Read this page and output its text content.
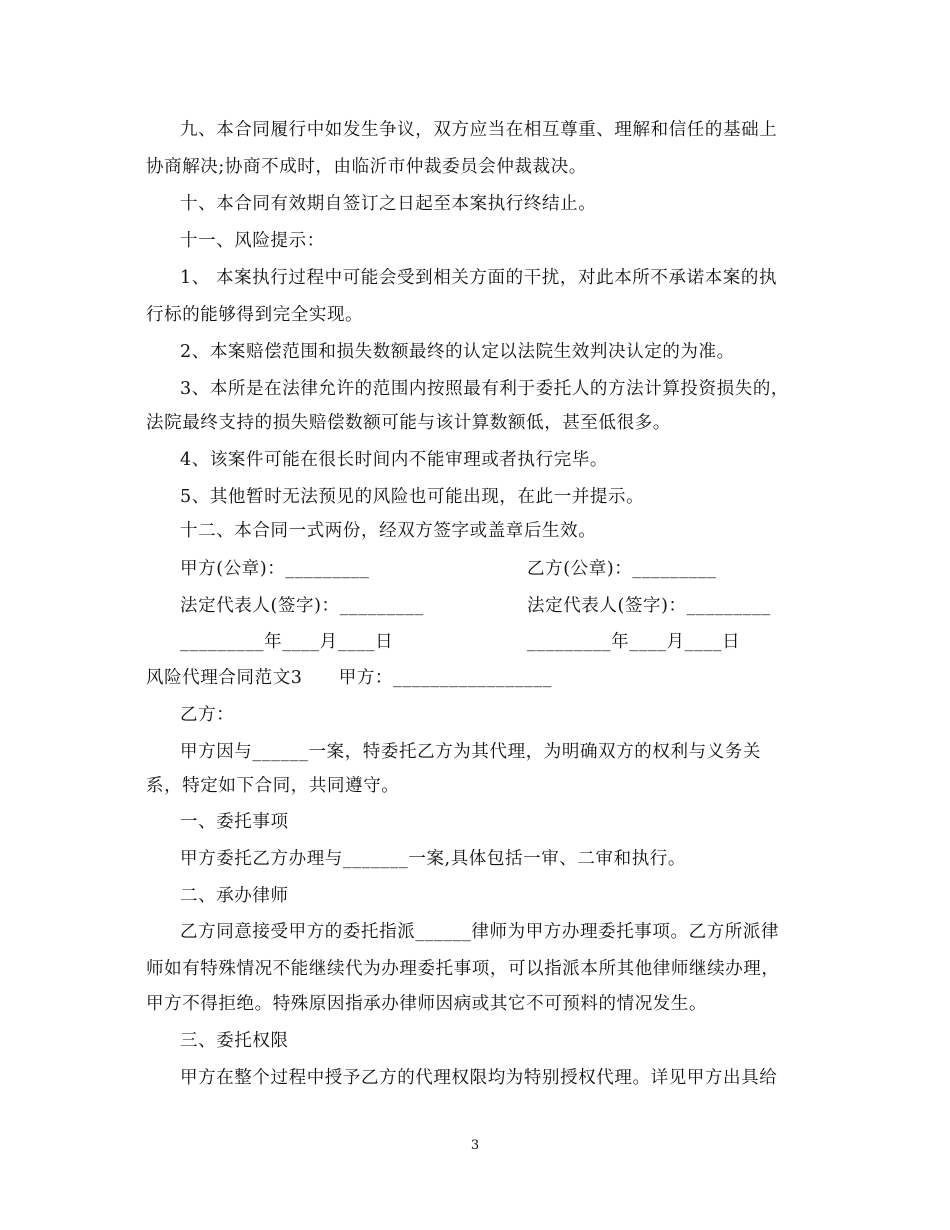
九、本合同履行中如发生争议，双方应当在相互尊重、理解和信任的基础上
协商解决;协商不成时，由临沂市仲裁委员会仲裁裁决。
十、本合同有效期自签订之日起至本案执行终结止。
十一、风险提示：
1、 本案执行过程中可能会受到相关方面的干扰，对此本所不承诺本案的执
行标的能够得到完全实现。
2、本案赔偿范围和损失数额最终的认定以法院生效判决认定的为准。
3、本所是在法律允许的范围内按照最有利于委托人的方法计算投资损失的，
法院最终支持的损失赔偿数额可能与该计算数额低，甚至低很多。
4、该案件可能在很长时间内不能审理或者执行完毕。
5、其他暂时无法预见的风险也可能出现，在此一并提示。
十二、本合同一式两份，经双方签字或盖章后生效。
甲方(公章)：_________	乙方(公章)：_________
法定代表人(签字)：_________	法定代表人(签字)：_________
_________年____月____日	_________年____月____日
风险代理合同范文3　　甲方：_________________
乙方：
甲方因与______一案，特委托乙方为其代理，为明确双方的权利与义务关
系，特定如下合同，共同遵守。
一、委托事项
甲方委托乙方办理与_______一案,具体包括一审、二审和执行。
二、承办律师
乙方同意接受甲方的委托指派______律师为甲方办理委托事项。乙方所派律
师如有特殊情况不能继续代为办理委托事项，可以指派本所其他律师继续办理，
甲方不得拒绝。特殊原因指承办律师因病或其它不可预料的情况发生。
三、委托权限
甲方在整个过程中授予乙方的代理权限均为特别授权代理。详见甲方出具给
3
